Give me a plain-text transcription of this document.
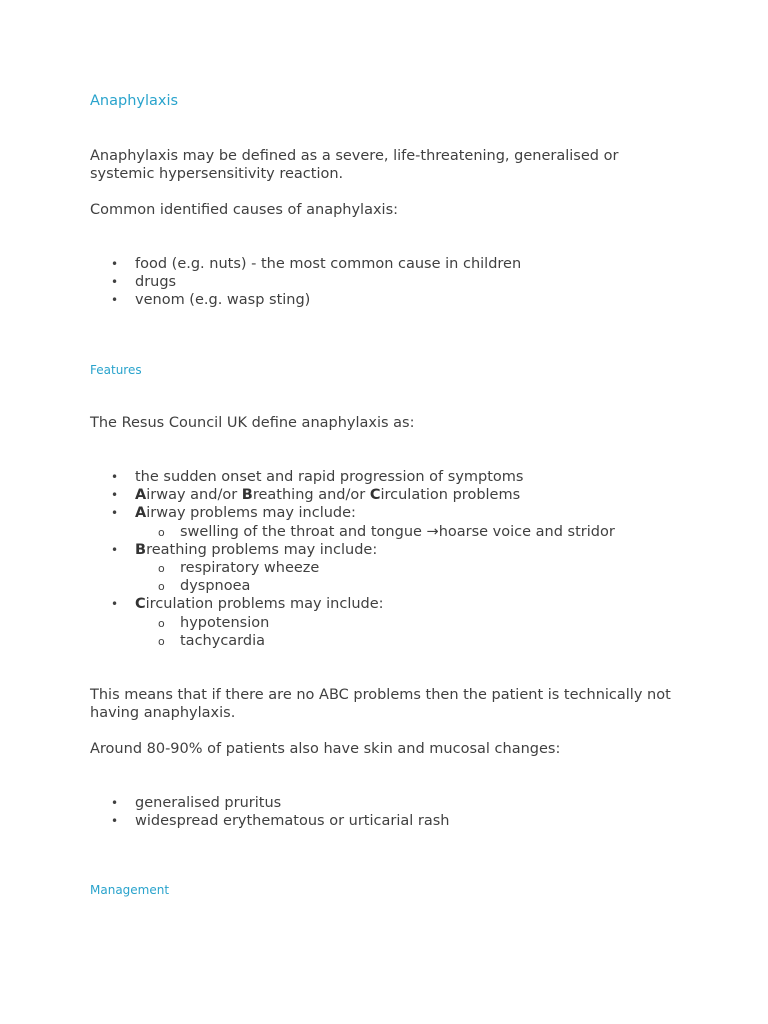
Anaphylaxis

Anaphylaxis may be defined as a severe, life-threatening, generalised or systemic hypersensitivity reaction.

Common identified causes of anaphylaxis:

• food (e.g. nuts) - the most common cause in children
• drugs
• venom (e.g. wasp sting)
Features

The Resus Council UK define anaphylaxis as:

• the sudden onset and rapid progression of symptoms
• Airway and/or Breathing and/or Circulation problems
• Airway problems may include:
o swelling of the throat and tongue →hoarse voice and stridor
• Breathing problems may include:
o respiratory wheeze
o dyspnoea
• Circulation problems may include:
o hypotension
o tachycardia

This means that if there are no ABC problems then the patient is technically not having anaphylaxis.

Around 80-90% of patients also have skin and mucosal changes:

• generalised pruritus
• widespread erythematous or urticarial rash
Management
